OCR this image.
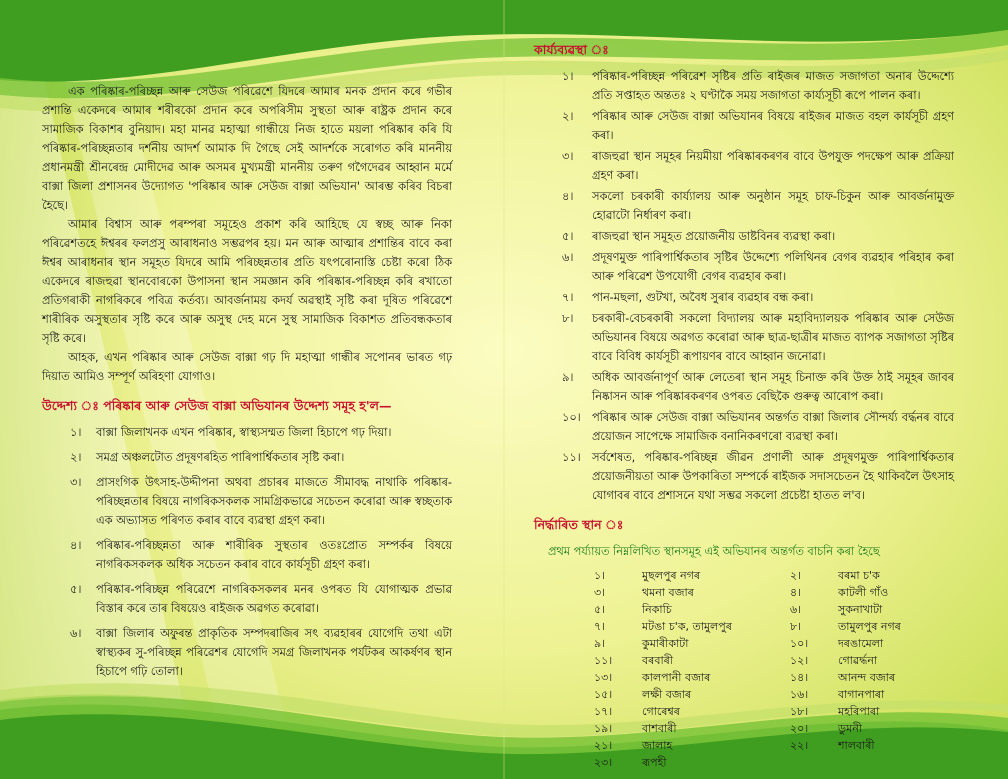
এক পৰিষ্কাৰ-পৰিচ্ছন্ন আৰু সেউজ পৰিৱেশে যিদৰে আমাৰ মনক প্ৰদান কৰে গভীৰ প্ৰশান্তি একেদৰে আমাৰ শৰীৰকো প্ৰদান কৰে অপৰিসীম সুস্থতা আৰু ৰাষ্ট্ৰক প্ৰদান কৰে সামাজিক বিকাশৰ বুনিয়াদ। মহা মানৱ মহাত্মা গান্ধীয়ে নিজ হাতে ময়লা পৰিষ্কাৰ কৰি যি পৰিষ্কাৰ-পৰিচ্ছন্নতাৰ দৰ্শনীয় আদৰ্শ আমাক দি গৈছে সেই আদৰ্শকে সৰোগত কৰি মাননীয় প্ৰধানমন্ত্ৰী শ্ৰীনৰেন্দ্ৰ মোদীদেৱ আৰু অসমৰ মুখ্যমন্ত্ৰী মাননীয় তৰুণ গগৈদেৱৰ আহ্বান মৰ্মে বাক্সা জিলা প্ৰশাসনৰ উদ্যোগত 'পৰিষ্কাৰ আৰু সেউজ বাক্সা অভিযান' আৰম্ভ কৰিব বিচৰা হৈছে।

আমাৰ বিশ্বাস আৰু পৰম্পৰা সমূহেও প্ৰকাশ কৰি আহিছে যে স্বচ্ছ আৰু নিকা পৰিৱেশতহে ঈশ্বৰৰ ফলপ্ৰসু আৰাধনাও সম্ভৱপৰ হয়। মন আৰু আত্মাৰ প্ৰশান্তিৰ বাবে কৰা ঈশ্বৰ আৰাধনাৰ স্থান সমূহত যিদৰে আমি পৰিচ্ছন্নতাৰ প্ৰতি যৎপৰোনাস্তি চেষ্টা কৰো ঠিক একেদৰে ৰাজহুৱা স্থানবোৰকো উপাসনা স্থান সমজ্ঞান কৰি পৰিষ্কাৰ-পৰিচ্ছন্ন কৰি ৰখাতো প্ৰতিগৰাকী নাগৰিকৰে পবিত্ৰ কৰ্তব্য। আবৰ্জনাময় কদৰ্য অৱস্থাই সৃষ্টি কৰা দূষিত পৰিৱেশে শাৰীৰিক অসুস্থতাৰ সৃষ্টি কৰে আৰু অসুস্থ দেহ মনে সুস্থ সামাজিক বিকাশত প্ৰতিবন্ধকতাৰ সৃষ্টি কৰে।

আহক, এখন পৰিষ্কাৰ আৰু সেউজ বাক্সা গঢ় দি মহাত্মা গান্ধীৰ সপোনৰ ভাৰত গঢ় দিয়াত আমিও সম্পূৰ্ণ অৰিহণা যোগাও।

উদ্দেশ্য ঃ পৰিষ্কাৰ আৰু সেউজ বাক্সা অভিযানৰ উদ্দেশ্য সমূহ হ'ল—
১।	বাক্সা জিলাখনক এখন পৰিষ্কাৰ, স্বাস্থ্যসম্মত জিলা হিচাপে গঢ় দিয়া।
২।	সমগ্ৰ অঞ্চলটোত প্ৰদূষণৰহিত পাৰিপাৰ্শ্বিকতাৰ সৃষ্টি কৰা।
৩।	প্ৰাসংগিক উৎসাহ-উদ্দীপনা অথবা প্ৰচাৰৰ মাজতে সীমাবদ্ধ নাথাকি পৰিষ্কাৰ-পৰিচ্ছন্নতাৰ বিষয়ে নাগৰিকসকলক সামগ্ৰিকভাৱে সচেতন কৰোৱা আৰু স্বচ্ছতাক এক অভ্যাসত পৰিণত কৰাৰ বাবে ব্যৱস্থা গ্ৰহণ কৰা।
৪।	পৰিষ্কাৰ-পৰিচ্ছন্নতা আৰু শাৰীৰিক সুস্থতাৰ ওতঃপ্ৰোত সম্পৰ্কৰ বিষয়ে নাগৰিকসকলক অধিক সচেতন কৰাৰ বাবে কাৰ্যসূচী গ্ৰহণ কৰা।
৫।	পৰিষ্কাৰ-পৰিচ্ছন্ন পৰিৱেশে নাগৰিকসকলৰ মনৰ ওপৰত যি যোগাত্মক প্ৰভাৱ বিস্তাৰ কৰে তাৰ বিষয়েও ৰাইজক অৱগত কৰোৱা।
৬।	বাক্সা জিলাৰ অফুৰন্ত প্ৰাকৃতিক সম্পদৰাজিৰ সৎ ব্যৱহাৰৰ যোগেদি তথা এটা স্বাস্থ্যকৰ সু-পৰিচ্ছন্ন পৰিৱেশৰ যোগেদি সমগ্ৰ জিলাখনক পৰ্যটকৰ আকৰ্ষণৰ স্থান হিচাপে গঢ়ি তোলা।
কাৰ্য্যব্যৱস্থা ঃ
১।	পৰিষ্কাৰ-পৰিচ্ছন্ন পৰিৱেশ সৃষ্টিৰ প্ৰতি ৰাইজৰ মাজত সজাগতা অনাৰ উদ্দেশ্যে প্ৰতি সপ্তাহত অন্ততঃ ২ ঘণ্টাকৈ সময় সজাগতা কাৰ্য্যসূচী ৰূপে পালন কৰা।
২।	পৰিষ্কাৰ আৰু সেউজ বাক্সা অভিযানৰ বিষয়ে ৰাইজৰ মাজত বহল কাৰ্যসূচী গ্ৰহণ কৰা।
৩।	ৰাজহুৱা স্থান সমূহৰ নিয়মীয়া পৰিষ্কাৰকৰণৰ বাবে উপযুক্ত পদক্ষেপ আৰু প্ৰক্ৰিয়া গ্ৰহণ কৰা।
৪।	সকলো চৰকাৰী কাৰ্য্যালয় আৰু অনুষ্ঠান সমূহ চাফ-চিকুন আৰু আবৰ্জনামুক্ত হোৱাটো নিৰ্ধাৰণ কৰা।
৫।	ৰাজহুৱা স্থান সমূহত প্ৰয়োজনীয় ডাষ্টবিনৰ ব্যৱস্থা কৰা।
৬।	প্ৰদূষণমুক্ত পাৰিপাৰ্শ্বিকতাৰ সৃষ্টিৰ উদ্দেশ্যে পলিথিনৰ বেগৰ ব্যৱহাৰ পৰিহাৰ কৰা আৰু পৰিৱেশ উপযোগী বেগৰ ব্যৱহাৰ কৰা।
৭।	পান-মছলা, গুটখা, অবৈধ সুৰাৰ ব্যৱহাৰ বন্ধ কৰা।
৮।	চৰকাৰী-বেচৰকাৰী সকলো বিদ্যালয় আৰু মহাবিদ্যালয়ক পৰিষ্কাৰ আৰু সেউজ অভিযানৰ বিষয়ে অৱগত কৰোৱা আৰু ছাত্ৰ-ছাত্ৰীৰ মাজত ব্যাপক সজাগতা সৃষ্টিৰ বাবে বিবিধ কাৰ্যসূচী ৰূপায়ণৰ বাবে আহ্বান জনোৱা।
৯।	অধিক আবৰ্জনাপূৰ্ণ আৰু লেতেৰা স্থান সমূহ চিনাক্ত কৰি উক্ত ঠাই সমূহৰ জাবৰ নিষ্কাসন আৰু পৰিষ্কাৰকৰণৰ ওপৰত বেছিকৈ গুৰুত্ব আৰোপ কৰা।
১০। পৰিষ্কাৰ আৰু সেউজ বাক্সা অভিযানৰ অন্তৰ্গত বাক্সা জিলাৰ সৌন্দৰ্য্য বৰ্দ্ধনৰ বাবে প্ৰয়োজন সাপেক্ষে সামাজিক বনানিকৰণৰো ব্যৱস্থা কৰা।
১১। সৰ্বশেষত, পৰিষ্কাৰ-পৰিচ্ছন্ন জীৱন প্ৰণালী আৰু প্ৰদূষণমুক্ত পাৰিপাৰ্শ্বিকতাৰ প্ৰয়োজনীয়তা আৰু উপকাৰিতা সম্পৰ্কে ৰাইজক সদাসচেতন হৈ থাকিবলৈ উৎসাহ যোগাবৰ বাবে প্ৰশাসনে যথা সম্ভৱ সকলো প্ৰচেষ্টা হাতত ল'ব।
নিৰ্দ্ধাৰিত স্থান ঃ
প্ৰথম পৰ্য্যায়ত নিম্নলিখিত স্থানসমূহ এই অভিযানৰ অন্তৰ্গত বাচনি কৰা হৈছে
১।	মুছলপুৰ নগৰ	২।	বৰমা চ'ক
৩।	থমনা বজাৰ	৪।	কাটলী গাঁও
৫।	নিকাচি	৬।	সুকনাখাটা
৭।	মটঙা চ'ক, তামুলপুৰ	৮।	তামুলপুৰ নগৰ
৯।	কুমাৰীকাটা	১০।	দৰঙামেলা
১১।	বৰবাৰী	১২।	গোৱৰ্দ্ধনা
১৩।	কালপানী বজাৰ	১৪।	আনন্দ বজাৰ
১৫।	লক্ষী বজাৰ	১৬।	বাগানপাৰা
১৭।	গোৰেশ্বৰ	১৮।	মহৰিপাৰা
১৯।	বাশবাৰী	২০।	ডুমনী
২১।	জালাহ	২২।	শালবাৰী
২৩।	ৰূপহী
